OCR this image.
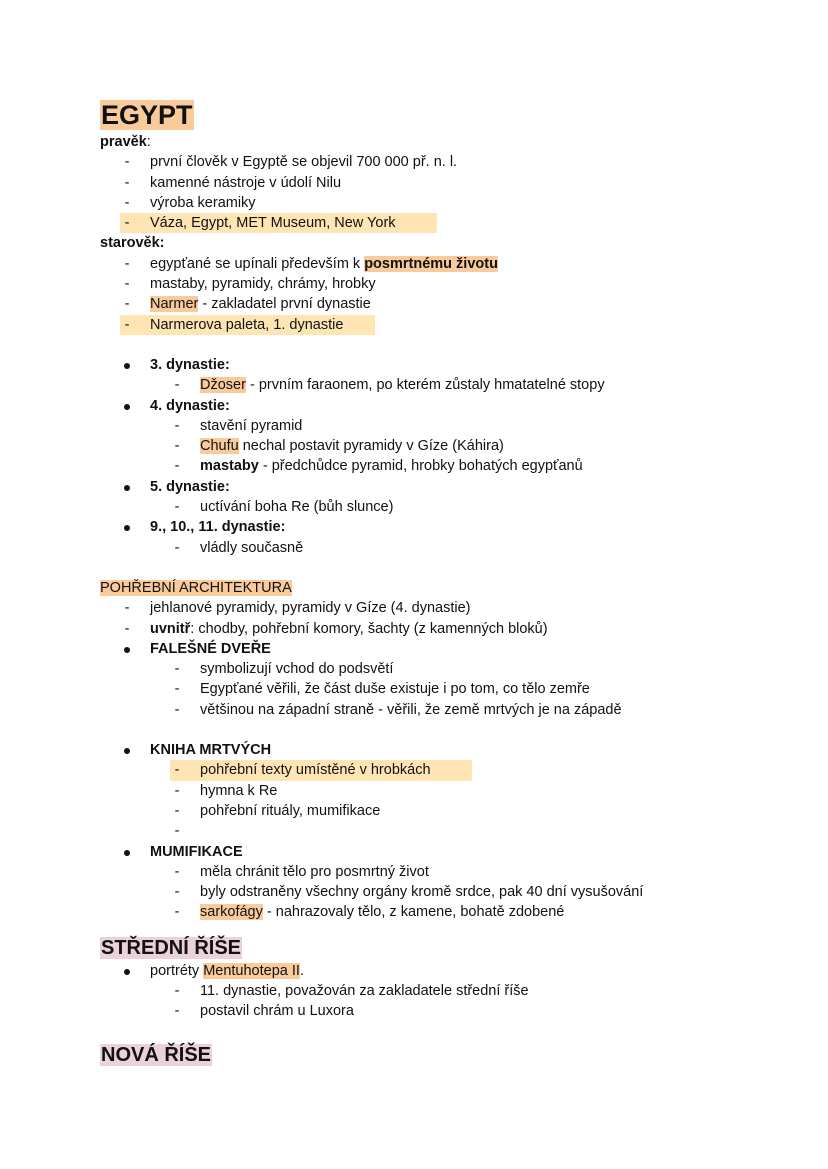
EGYPT
pravěk:
- první člověk v Egyptě se objevil 700 000 př. n. l.
- kamenné nástroje v údolí Nilu
- výroba keramiky
- Váza, Egypt, MET Museum, New York
starověk:
- egypťané se upínali především k posmrtnému životu
- mastaby, pyramidy, chrámy, hrobky
- Narmer - zakladatel první dynastie
- Narmerova paleta, 1. dynastie
3. dynastie:
- Džoser - prvním faraonem, po kterém zůstaly hmatatelné stopy
4. dynastie:
- stavění pyramid
- Chufu nechal postavit pyramidy v Gíze (Káhira)
- mastaby - předchůdce pyramid, hrobky bohatých egypťanů
5. dynastie:
- uctívání boha Re (bůh slunce)
9., 10., 11. dynastie:
- vládly současně
POHŘEBNÍ ARCHITEKTURA
- jehlanové pyramidy, pyramidy v Gíze (4. dynastie)
- uvnitř: chodby, pohřební komory, šachty (z kamenných bloků)
FALEŠNÉ DVEŘE
- symbolizují vchod do podsvětí
- Egypťané věřili, že část duše existuje i po tom, co tělo zemře
- většinou na západní straně - věřili, že země mrtvých je na západě
KNIHA MRTVÝCH
- pohřební texty umístěné v hrobkách
- hymna k Re
- pohřební rituály, mumifikace
-
MUMIFIKACE
- měla chránit tělo pro posmrtný život
- byly odstraněny všechny orgány kromě srdce, pak 40 dní vysušování
- sarkofágy - nahrazovaly tělo, z kamene, bohatě zdobené
STŘEDNÍ ŘÍŠE
portréty Mentuhotepa II.
- 11. dynastie, považován za zakladatele střední říše
- postavil chrám u Luxora
NOVÁ ŘÍŠE
